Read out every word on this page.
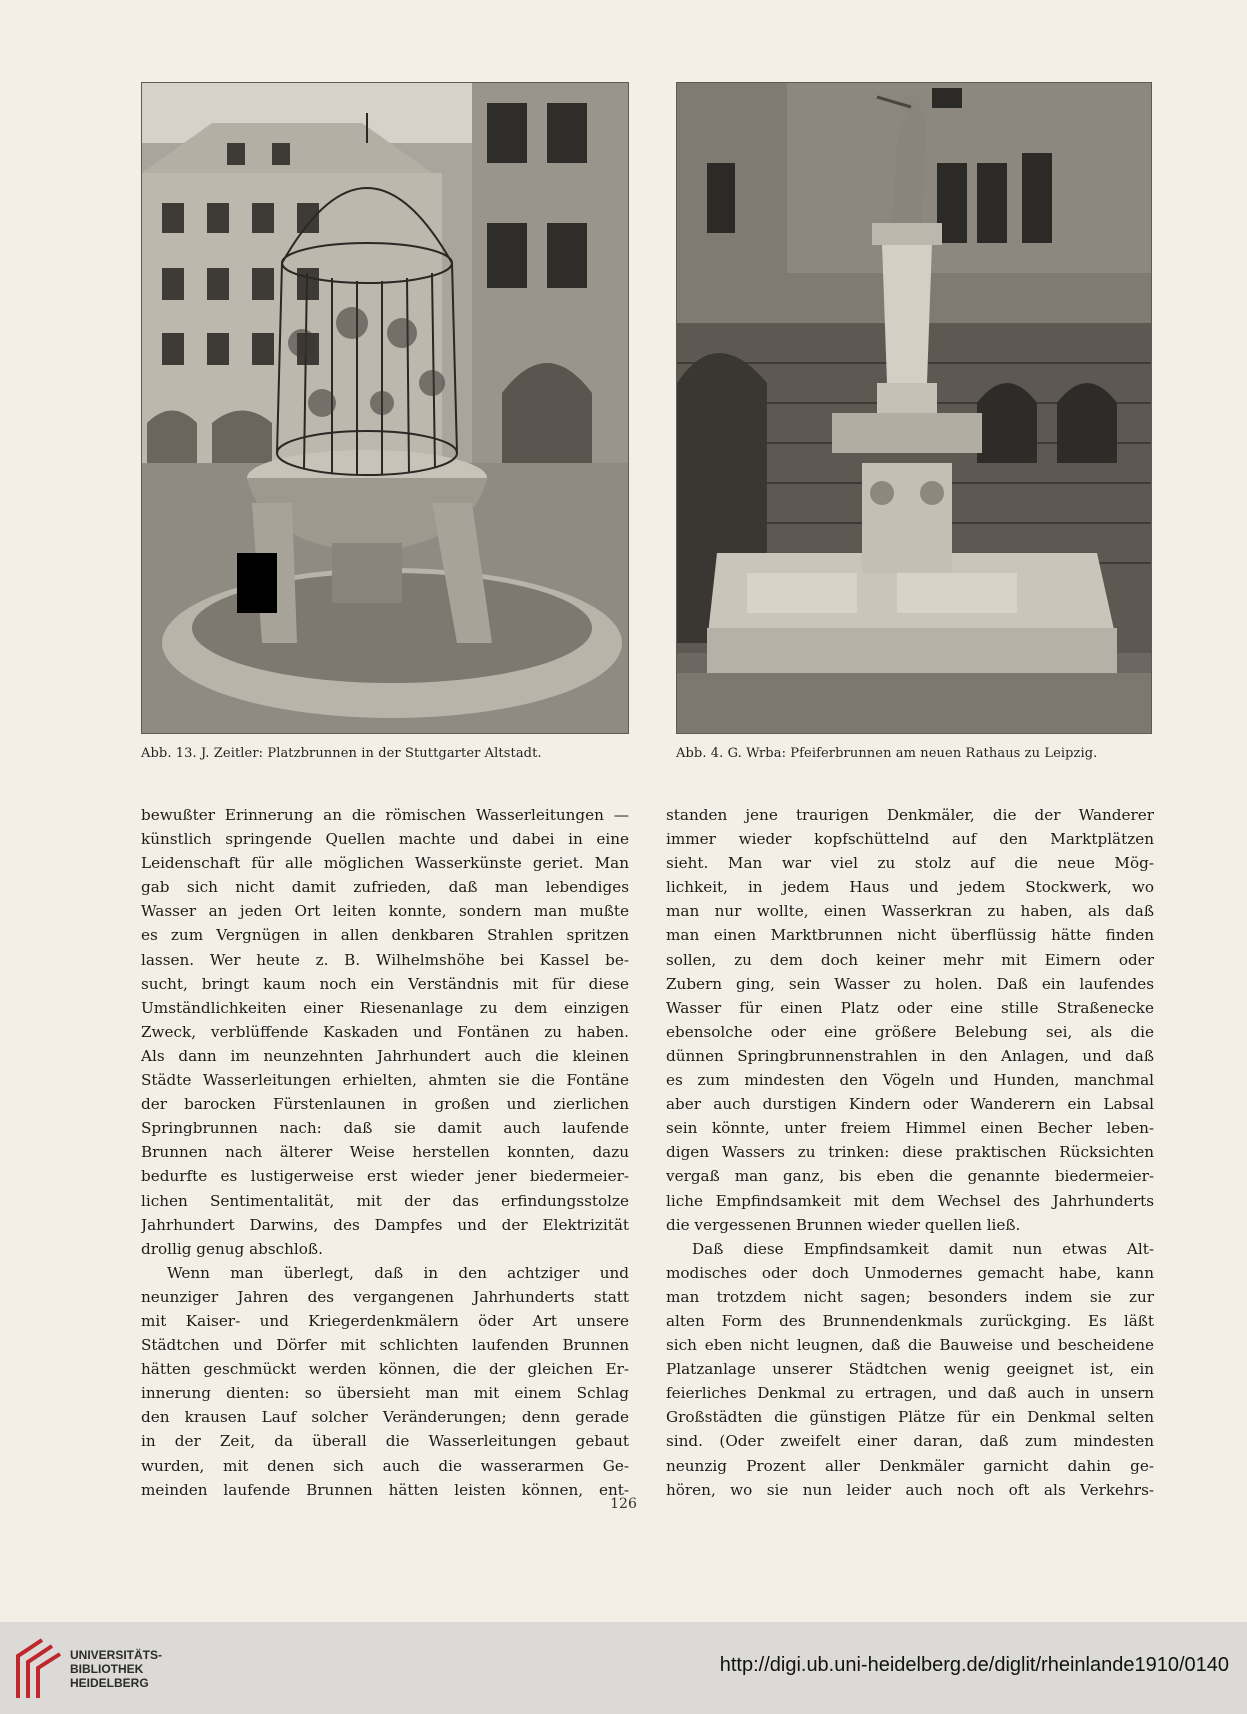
Abb. 13. J. Zeitler: Platzbrunnen in der Stuttgarter Altstadt.	Abb. 4. G. Wrba: Pfeiferbrunnen am neuen Rathaus zu Leipzig.
bewußter Erinnerung an die römischen Wasserleitungen —
künstlich springende Quellen machte und dabei in eine
Leidenschaft für alle möglichen Wasserkünste geriet. Man
gab sich nicht damit zufrieden, daß man lebendiges
Wasser an jeden Ort leiten konnte, sondern man mußte
es zum Vergnügen in allen denkbaren Strahlen spritzen
lassen. Wer heute z. B. Wilhelmshöhe bei Kassel be-
sucht, bringt kaum noch ein Verständnis mit für diese
Umständlichkeiten einer Riesenanlage zu dem einzigen
Zweck, verblüffende Kaskaden und Fontänen zu haben.
Als dann im neunzehnten Jahrhundert auch die kleinen
Städte Wasserleitungen erhielten, ahmten sie die Fontäne
der barocken Fürstenlaunen in großen und zierlichen
Springbrunnen nach: daß sie damit auch laufende
Brunnen nach älterer Weise herstellen konnten, dazu
bedurfte es lustigerweise erst wieder jener biedermeier-
lichen Sentimentalität, mit der das erfindungsstolze
Jahrhundert Darwins, des Dampfes und der Elektrizität
drollig genug abschloß.
Wenn man überlegt, daß in den achtziger und
neunziger Jahren des vergangenen Jahrhunderts statt
mit Kaiser- und Kriegerdenkmälern öder Art unsere
Städtchen und Dörfer mit schlichten laufenden Brunnen
hätten geschmückt werden können, die der gleichen Er-
innerung dienten: so übersieht man mit einem Schlag
den krausen Lauf solcher Veränderungen; denn gerade
in der Zeit, da überall die Wasserleitungen gebaut
wurden, mit denen sich auch die wasserarmen Ge-
meinden laufende Brunnen hätten leisten können, ent-
standen jene traurigen Denkmäler, die der Wanderer
immer wieder kopfschüttelnd auf den Marktplätzen
sieht. Man war viel zu stolz auf die neue Mög-
lichkeit, in jedem Haus und jedem Stockwerk, wo
man nur wollte, einen Wasserkran zu haben, als daß
man einen Marktbrunnen nicht überflüssig hätte finden
sollen, zu dem doch keiner mehr mit Eimern oder
Zubern ging, sein Wasser zu holen. Daß ein laufendes
Wasser für einen Platz oder eine stille Straßenecke
ebensolche oder eine größere Belebung sei, als die
dünnen Springbrunnenstrahlen in den Anlagen, und daß
es zum mindesten den Vögeln und Hunden, manchmal
aber auch durstigen Kindern oder Wanderern ein Labsal
sein könnte, unter freiem Himmel einen Becher leben-
digen Wassers zu trinken: diese praktischen Rücksichten
vergaß man ganz, bis eben die genannte biedermeier-
liche Empfindsamkeit mit dem Wechsel des Jahrhunderts
die vergessenen Brunnen wieder quellen ließ.
Daß diese Empfindsamkeit damit nun etwas Alt-
modisches oder doch Unmodernes gemacht habe, kann
man trotzdem nicht sagen; besonders indem sie zur
alten Form des Brunnendenkmals zurückging. Es läßt
sich eben nicht leugnen, daß die Bauweise und bescheidene
Platzanlage unserer Städtchen wenig geeignet ist, ein
feierliches Denkmal zu ertragen, und daß auch in unsern
Großstädten die günstigen Plätze für ein Denkmal selten
sind. (Oder zweifelt einer daran, daß zum mindesten
neunzig Prozent aller Denkmäler garnicht dahin ge-
hören, wo sie nun leider auch noch oft als Verkehrs-
126
UNIVERSITÄTS-
BIBLIOTHEK
HEIDELBERG
http://digi.ub.uni-heidelberg.de/diglit/rheinlande1910/0140
